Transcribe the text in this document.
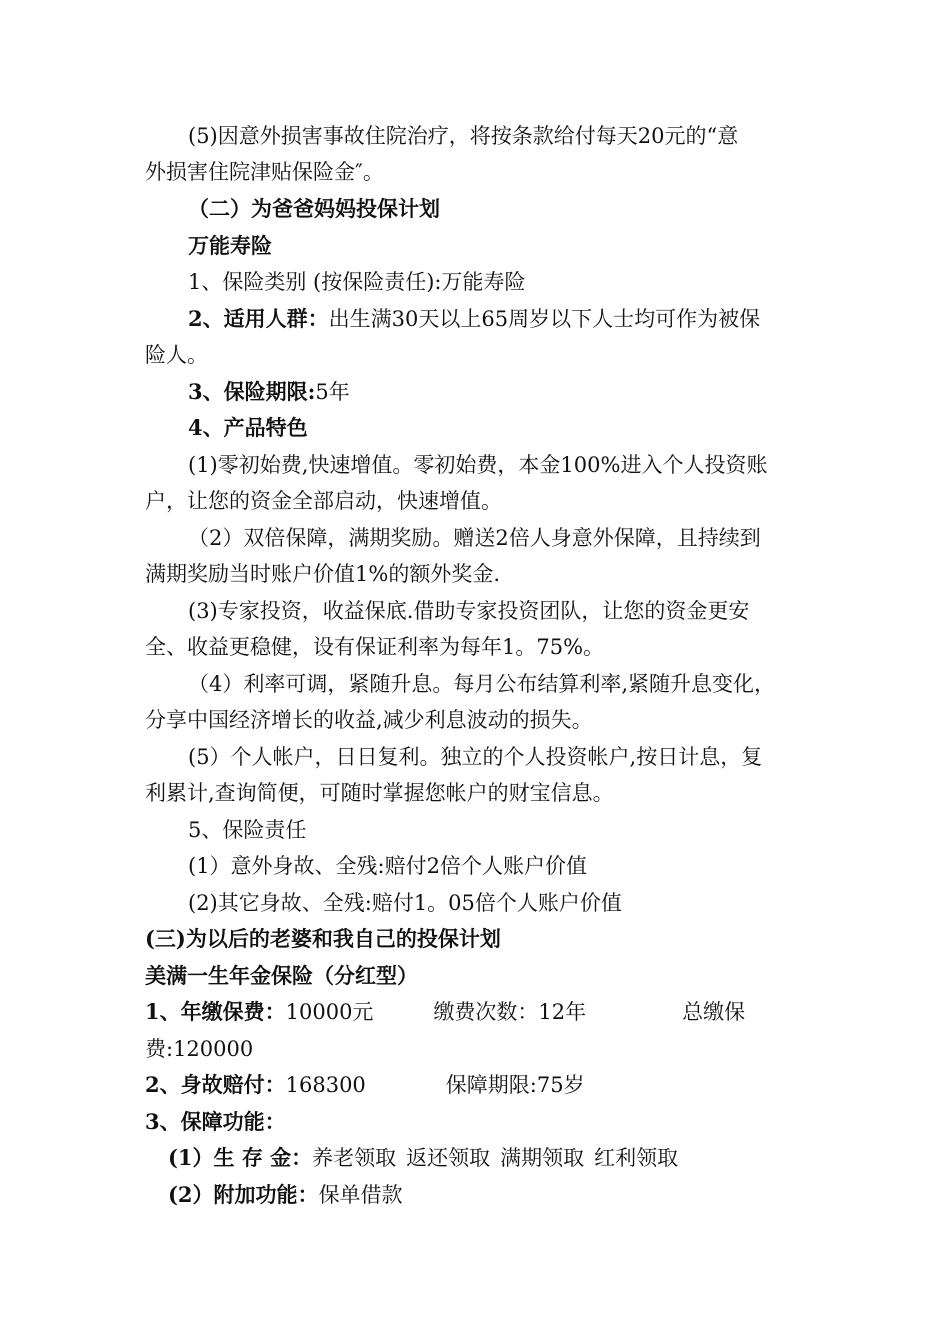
(5)因意外损害事故住院治疗，将按条款给付每天20元的“意
外损害住院津贴保险金″。
（二）为爸爸妈妈投保计划
万能寿险
1、保险类别 (按保险责任):万能寿险
2、适用人群：出生满30天以上65周岁以下人士均可作为被保
险人。
3、保险期限:5年
4、产品特色
(1)零初始费,快速增值。零初始费，本金100%进入个人投资账
户，让您的资金全部启动，快速增值。
（2）双倍保障，满期奖励。赠送2倍人身意外保障，且持续到
满期奖励当时账户价值1%的额外奖金.
(3)专家投资，收益保底.借助专家投资团队，让您的资金更安
全、收益更稳健，设有保证利率为每年1。75%。
（4）利率可调，紧随升息。每月公布结算利率,紧随升息变化，
分享中国经济增长的收益,减少利息波动的损失。
(5）个人帐户，日日复利。独立的个人投资帐户,按日计息，复
利累计,查询简便，可随时掌握您帐户的财宝信息。
5、保险责任
(1）意外身故、全残:赔付2倍个人账户价值
(2)其它身故、全残:赔付1。05倍个人账户价值
(三)为以后的老婆和我自己的投保计划
美满一生年金保险（分红型）
1、年缴保费：10000元	缴费次数：12年	总缴保
费:120000
2、身故赔付：168300	保障期限:75岁
3、保障功能：
(1）生 存 金：养老领取 返还领取 满期领取 红利领取
(2）附加功能：保单借款
